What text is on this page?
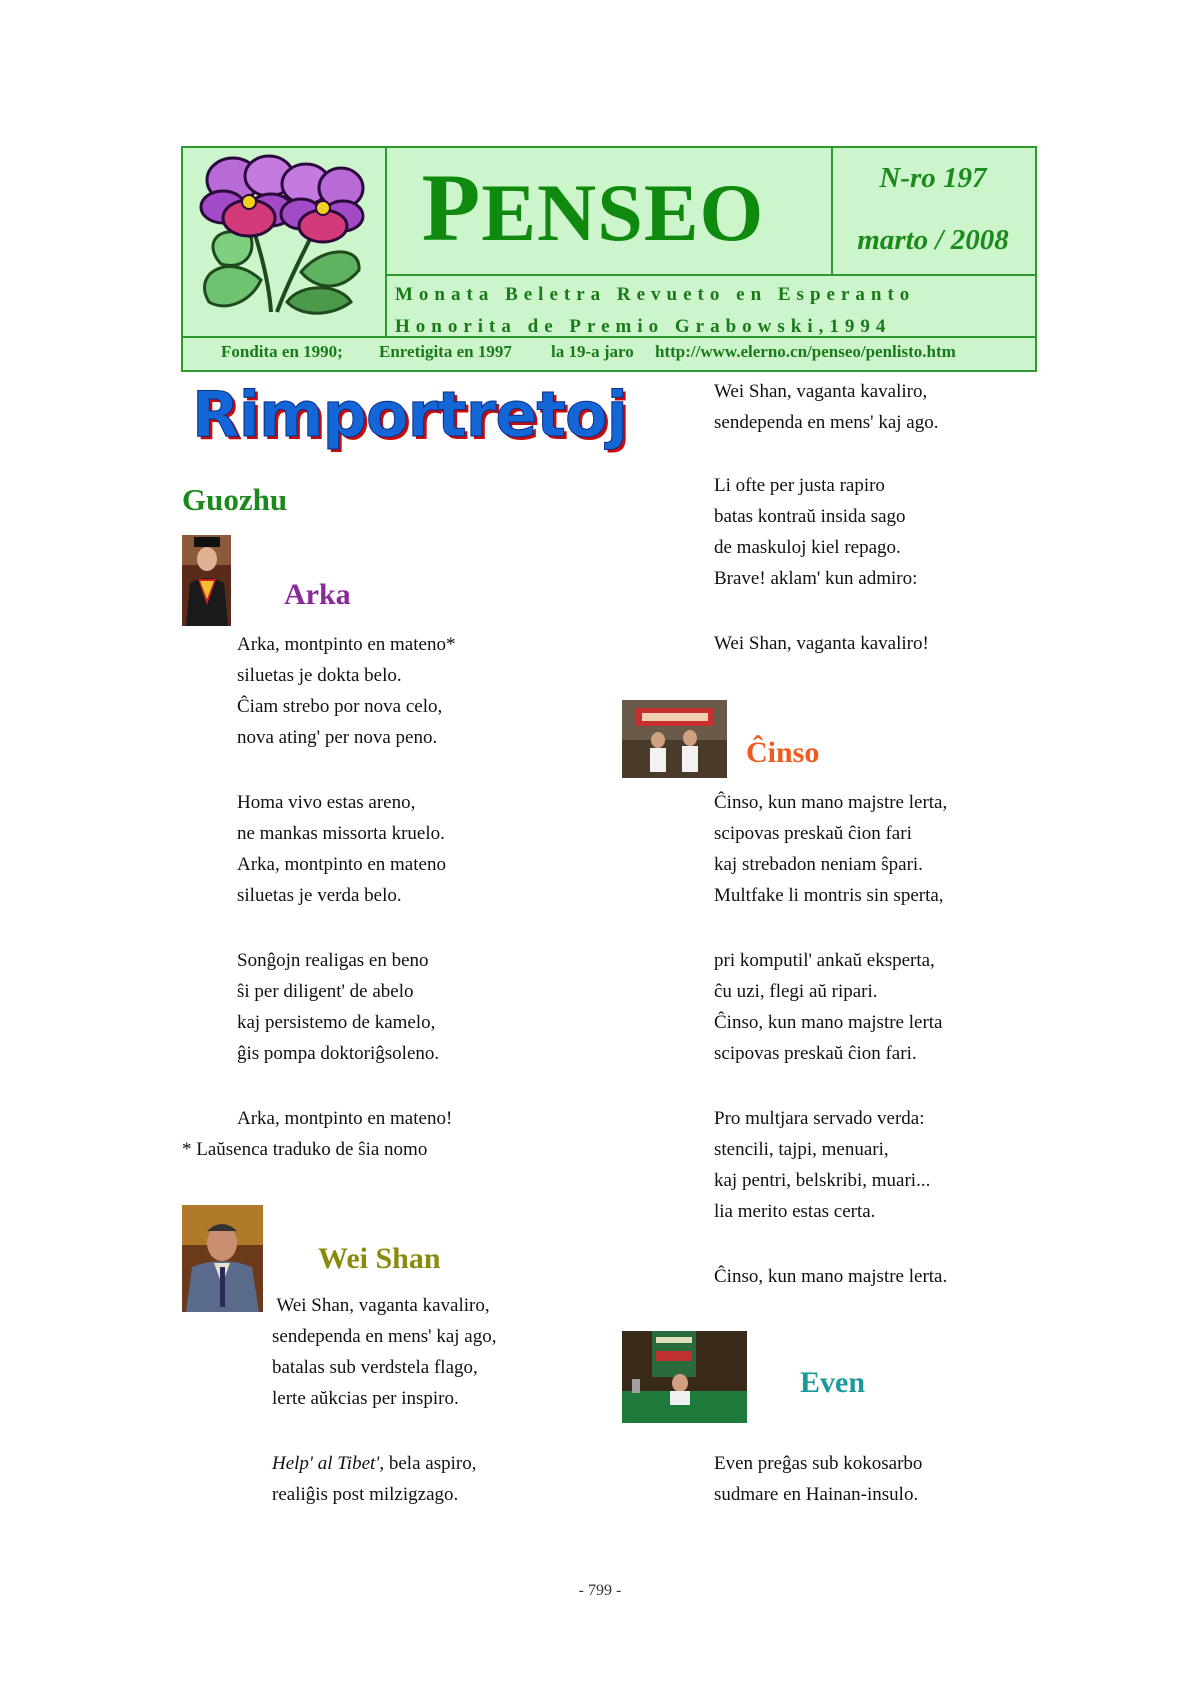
PENSEO	N-ro 197
marto / 2008
Monata Beletra Revueto en Esperanto
Honorita de Premio Grabowski,1994
Fondita en 1990; Enretigita en 1997 la 19-a jaro http://www.elerno.cn/penseo/penlisto.htm
Rimportretoj
Guozhu
Arka
Arka, montpinto en mateno*
siluetas je dokta belo.
Ĉiam strebo por nova celo,
nova ating' per nova peno.
Homa vivo estas areno,
ne mankas missorta kruelo.
Arka, montpinto en mateno
siluetas je verda belo.
Sonĝojn realigas en beno
ŝi per diligent' de abelo
kaj persistemo de kamelo,
ĝis pompa doktoriĝsoleno.
Arka, montpinto en mateno!
* Laŭsenca traduko de ŝia nomo
Wei Shan
Wei Shan, vaganta kavaliro,
sendependa en mens' kaj ago,
batalas sub verdstela flago,
lerte aŭkcias per inspiro.
Help' al Tibet', bela aspiro,
realiĝis post milzigzago.
Wei Shan, vaganta kavaliro,
sendependa en mens' kaj ago.
Li ofte per justa rapiro
batas kontraŭ insida sago
de maskuloj kiel repago.
Brave! aklam' kun admiro:
Wei Shan, vaganta kavaliro!
Ĉinso
Ĉinso, kun mano majstre lerta,
scipovas preskaŭ ĉion fari
kaj strebadon neniam ŝpari.
Multfake li montris sin sperta,
pri komputil' ankaŭ eksperta,
ĉu uzi, flegi aŭ ripari.
Ĉinso, kun mano majstre lerta
scipovas preskaŭ ĉion fari.
Pro multjara servado verda:
stencili, tajpi, menuari,
kaj pentri, belskribi, muari...
lia merito estas certa.
Ĉinso, kun mano majstre lerta.
Even
Even preĝas sub kokosarbo
sudmare en Hainan-insulo.
- 799 -
